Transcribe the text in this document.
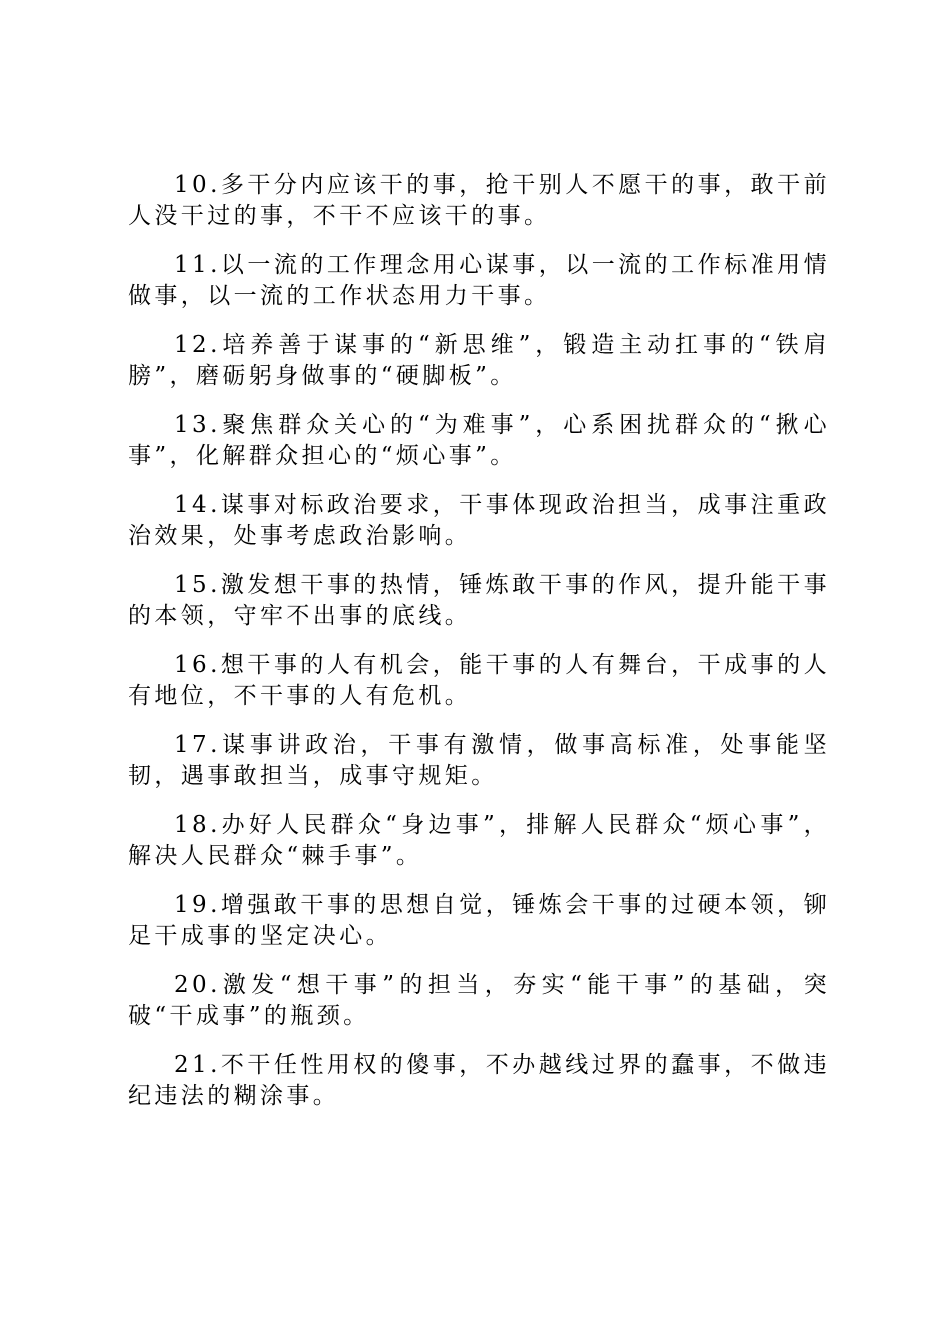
10.多干分内应该干的事，抢干别人不愿干的事，敢干前人没干过的事，不干不应该干的事。

11.以一流的工作理念用心谋事，以一流的工作标准用情做事，以一流的工作状态用力干事。

12.培养善于谋事的“新思维”，锻造主动扛事的“铁肩膀”，磨砺躬身做事的“硬脚板”。

13.聚焦群众关心的“为难事”，心系困扰群众的“揪心事”，化解群众担心的“烦心事”。

14.谋事对标政治要求，干事体现政治担当，成事注重政治效果，处事考虑政治影响。

15.激发想干事的热情，锤炼敢干事的作风，提升能干事的本领，守牢不出事的底线。

16.想干事的人有机会，能干事的人有舞台，干成事的人有地位，不干事的人有危机。

17.谋事讲政治，干事有激情，做事高标准，处事能坚韧，遇事敢担当，成事守规矩。

18.办好人民群众“身边事”，排解人民群众“烦心事”，解决人民群众“棘手事”。

19.增强敢干事的思想自觉，锤炼会干事的过硬本领，铆足干成事的坚定决心。

20.激发“想干事”的担当，夯实“能干事”的基础，突破“干成事”的瓶颈。

21.不干任性用权的傻事，不办越线过界的蠢事，不做违纪违法的糊涂事。
